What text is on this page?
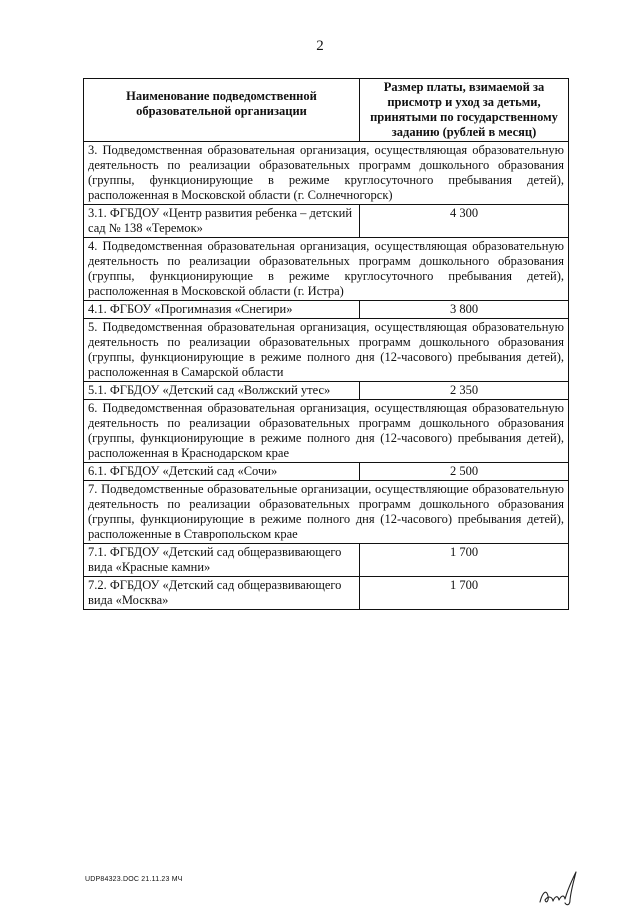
2
Наименование подведомственной образовательной организации	Размер платы, взимаемой за присмотр и уход за детьми, принятыми по государственному заданию (рублей в месяц)
3. Подведомственная образовательная организация, осуществляющая образовательную деятельность по реализации образовательных программ дошкольного образования (группы, функционирующие в режиме круглосуточного пребывания детей), расположенная в Московской области (г. Солнечногорск)	
3.1. ФГБДОУ «Центр развития ребенка – детский сад № 138 «Теремок»	4 300
4. Подведомственная образовательная организация, осуществляющая образовательную деятельность по реализации образовательных программ дошкольного образования (группы, функционирующие в режиме круглосуточного пребывания детей), расположенная в Московской области (г. Истра)	
4.1. ФГБОУ «Прогимназия «Снегири»	3 800
5. Подведомственная образовательная организация, осуществляющая образовательную деятельность по реализации образовательных программ дошкольного образования (группы, функционирующие в режиме полного дня (12-часового) пребывания детей), расположенная в Самарской области	
5.1. ФГБДОУ «Детский сад «Волжский утес»	2 350
6. Подведомственная образовательная организация, осуществляющая образовательную деятельность по реализации образовательных программ дошкольного образования (группы, функционирующие в режиме полного дня (12-часового) пребывания детей), расположенная в Краснодарском крае	
6.1. ФГБДОУ «Детский сад «Сочи»	2 500
7. Подведомственные образовательные организации, осуществляющие образовательную деятельность по реализации образовательных программ дошкольного образования (группы, функционирующие в режиме полного дня (12-часового) пребывания детей), расположенные в Ставропольском крае	
7.1. ФГБДОУ «Детский сад общеразвивающего вида «Красные камни»	1 700
7.2. ФГБДОУ «Детский сад общеразвивающего вида «Москва»	1 700
UDP84323.DOC 21.11.23 МЧ
